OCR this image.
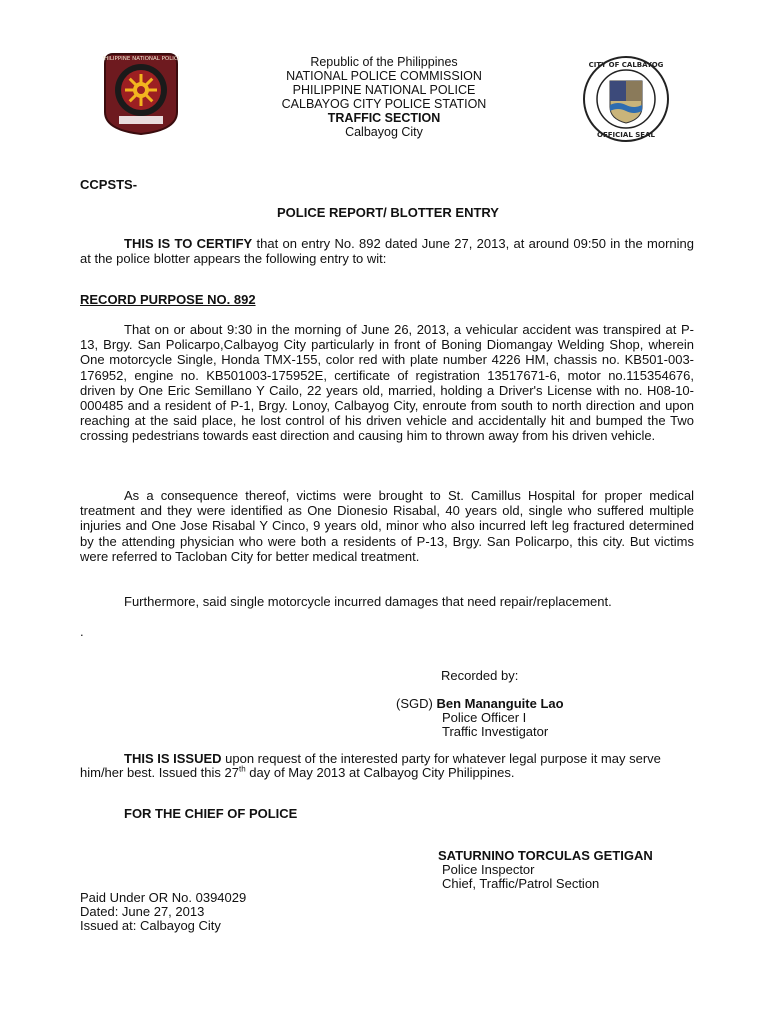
PHILIPPINE NATIONAL POLICE
CITY OF CALBAYOG
OFFICIAL SEAL
Republic of the Philippines
NATIONAL POLICE COMMISSION
PHILIPPINE NATIONAL POLICE
CALBAYOG CITY POLICE STATION
TRAFFIC SECTION
Calbayog City
CCPSTS-
POLICE REPORT/ BLOTTER ENTRY
THIS IS TO CERTIFY that on entry No. 892 dated June 27, 2013, at around 09:50 in the morning at the police blotter appears the following entry to wit:
RECORD PURPOSE NO. 892
That on or about 9:30 in the morning of June 26, 2013, a vehicular accident was transpired at P-13, Brgy. San Policarpo,Calbayog City particularly in front of Boning Diomangay Welding Shop, wherein One motorcycle Single, Honda TMX-155, color red with plate number 4226 HM, chassis no. KB501-003-176952, engine no. KB501003-175952E, certificate of registration 13517671-6, motor no.115354676, driven by One Eric Semillano Y Cailo, 22 years old, married, holding a Driver's License with no. H08-10-000485 and a resident of P-1, Brgy. Lonoy, Calbayog City, enroute from south to north direction and upon reaching at the said place, he lost control of his driven vehicle and accidentally hit and bumped the Two crossing pedestrians towards east direction and causing him to thrown away from his driven vehicle.
As a consequence thereof, victims were brought to St. Camillus Hospital for proper medical treatment and they were identified as One Dionesio Risabal, 40 years old, single who suffered multiple injuries and One Jose Risabal Y Cinco, 9 years old, minor who also incurred left leg fractured determined by the attending physician who were both a residents of P-13, Brgy. San Policarpo, this city. But victims were referred to Tacloban City for better medical treatment.
Furthermore, said single motorcycle incurred damages that need repair/replacement.
.
Recorded by:
(SGD) Ben Mananguite Lao
Police Officer I
Traffic Investigator
THIS IS ISSUED upon request of the interested party for whatever legal purpose it may serve
him/her best. Issued this 27th day of May 2013 at Calbayog City Philippines.
FOR THE CHIEF OF POLICE
SATURNINO TORCULAS GETIGAN
Police Inspector
Chief, Traffic/Patrol Section
Paid Under OR No. 0394029
Dated: June 27, 2013
Issued at: Calbayog City
